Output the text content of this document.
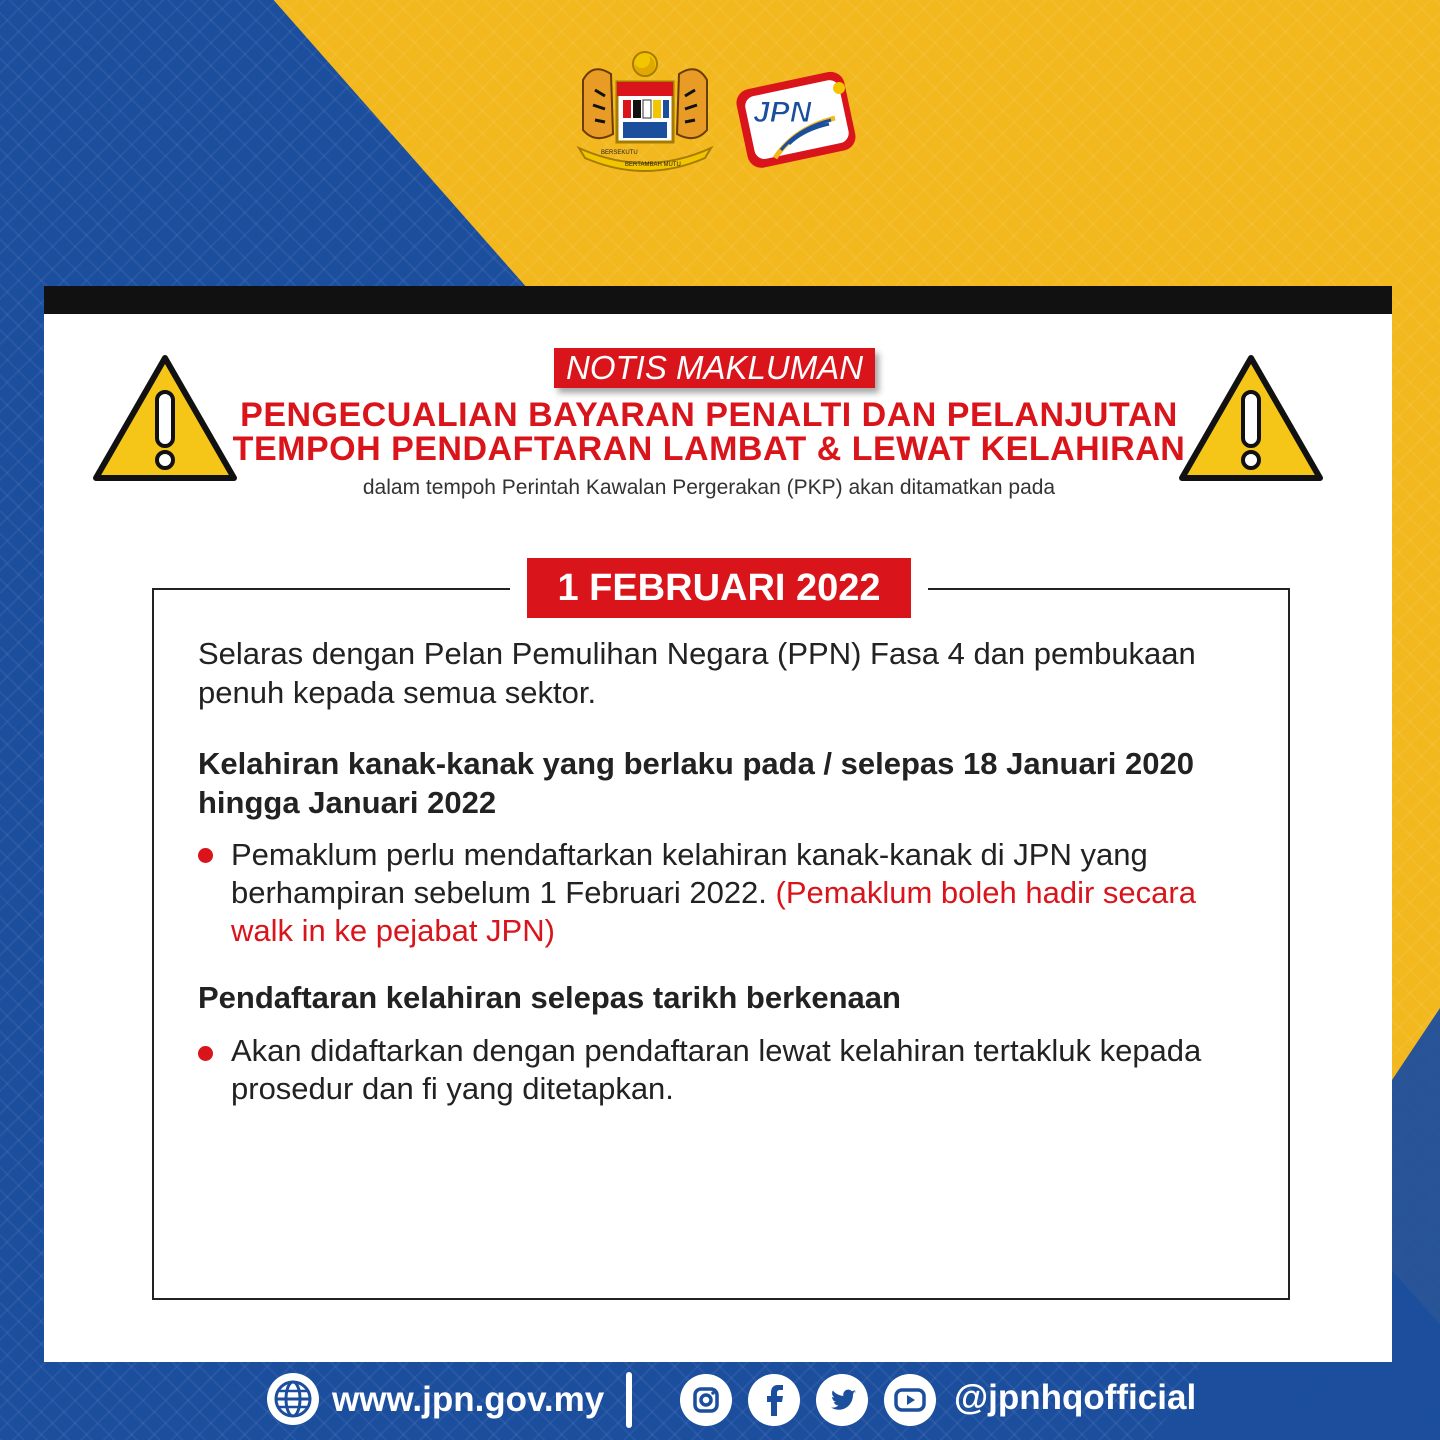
BERSEKUTU
BERTAMBAH MUTU
JPN
NOTIS MAKLUMAN
PENGECUALIAN BAYARAN PENALTI DAN PELANJUTAN
TEMPOH PENDAFTARAN LAMBAT & LEWAT KELAHIRAN
dalam tempoh Perintah Kawalan Pergerakan (PKP) akan ditamatkan pada
1 FEBRUARI 2022
Selaras dengan Pelan Pemulihan Negara (PPN) Fasa 4 dan pembukaan penuh kepada semua sektor.
Kelahiran kanak-kanak yang berlaku pada / selepas 18 Januari 2020 hingga Januari 2022
Pemaklum perlu mendaftarkan kelahiran kanak-kanak di JPN yang berhampiran sebelum 1 Februari 2022. (Pemaklum boleh hadir secara walk in ke pejabat JPN)
Pendaftaran kelahiran selepas tarikh berkenaan
Akan didaftarkan dengan pendaftaran lewat kelahiran tertakluk kepada prosedur dan fi yang ditetapkan.
www.jpn.gov.my	@jpnhqofficial
